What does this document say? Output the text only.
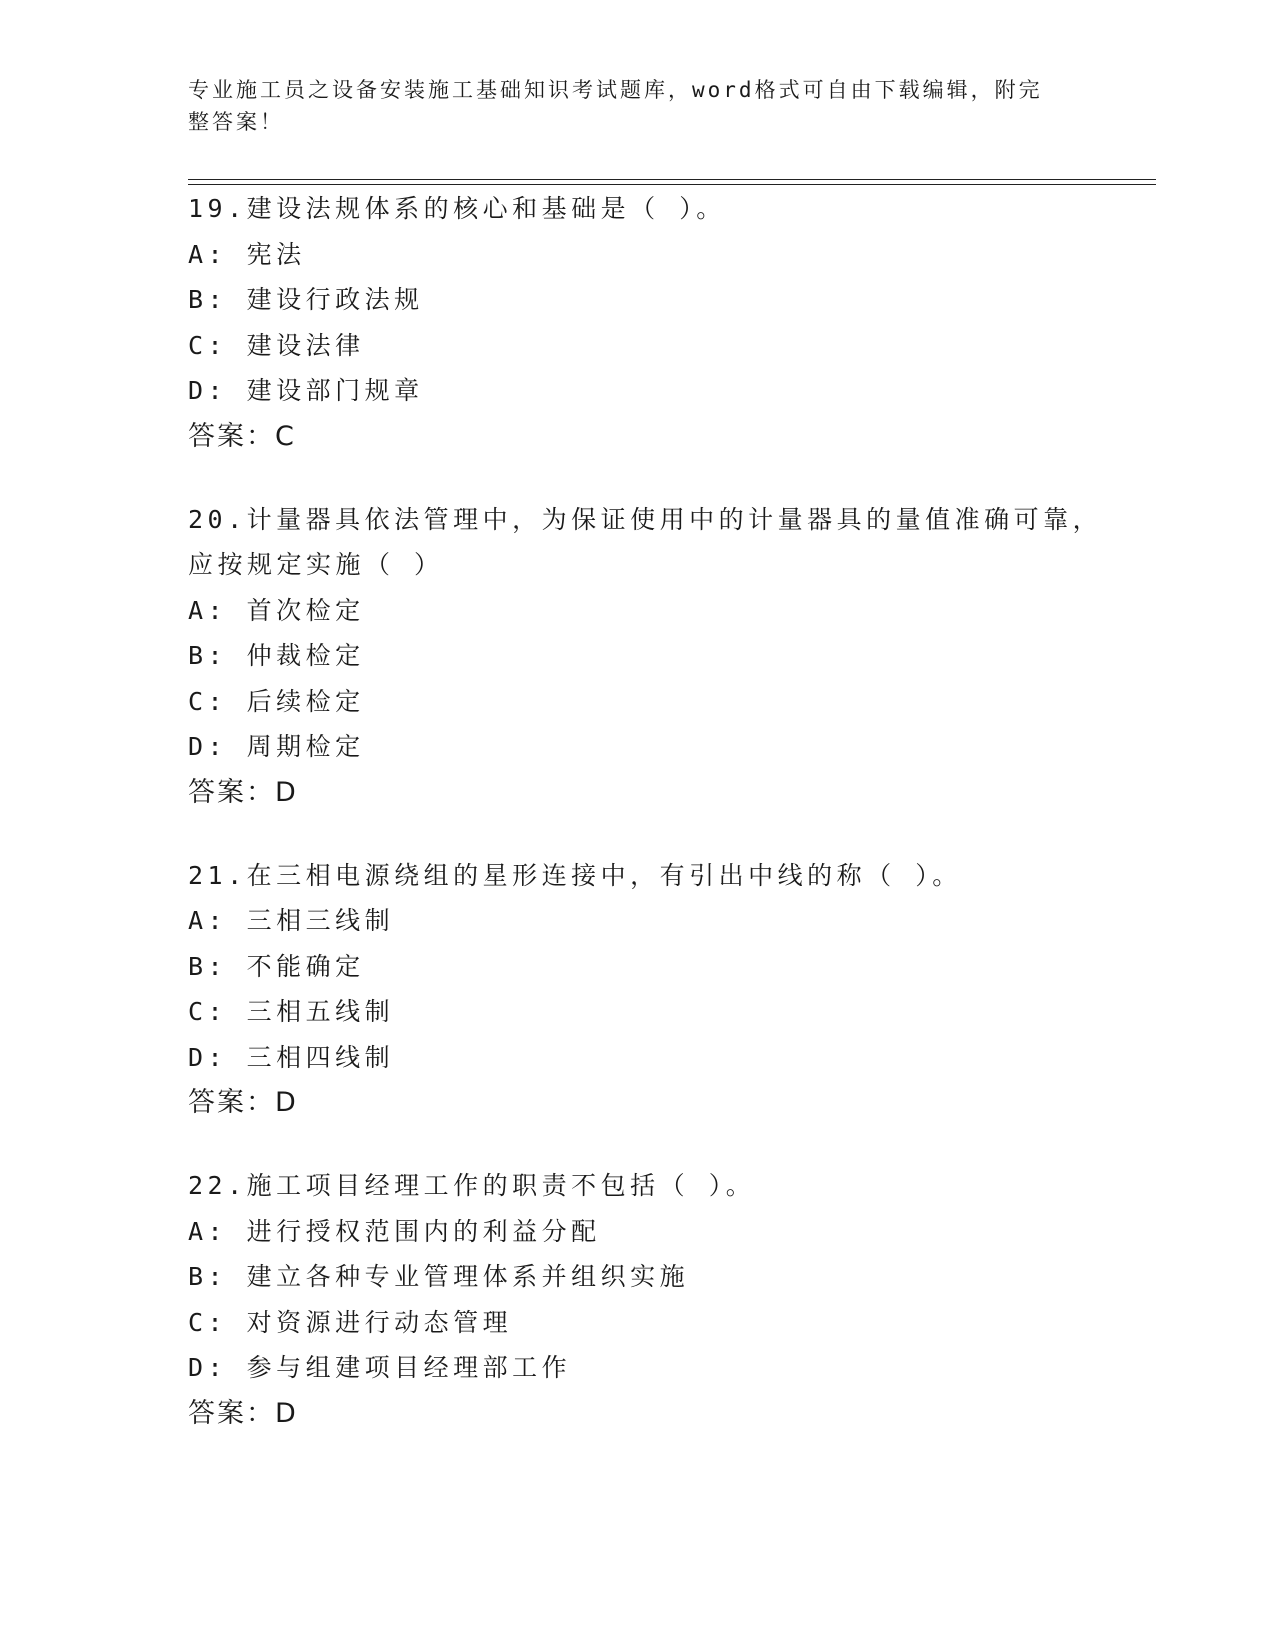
专业施工员之设备安装施工基础知识考试题库，word格式可自由下载编辑，附完
整答案！
19.建设法规体系的核心和基础是（ ）。
A: 宪法
B: 建设行政法规
C: 建设法律
D: 建设部门规章
答案：C
20.计量器具依法管理中，为保证使用中的计量器具的量值准确可靠，
应按规定实施（ ）
A: 首次检定
B: 仲裁检定
C: 后续检定
D: 周期检定
答案：D
21.在三相电源绕组的星形连接中，有引出中线的称（ ）。
A: 三相三线制
B: 不能确定
C: 三相五线制
D: 三相四线制
答案：D
22.施工项目经理工作的职责不包括（ ）。
A: 进行授权范围内的利益分配
B: 建立各种专业管理体系并组织实施
C: 对资源进行动态管理
D: 参与组建项目经理部工作
答案：D
